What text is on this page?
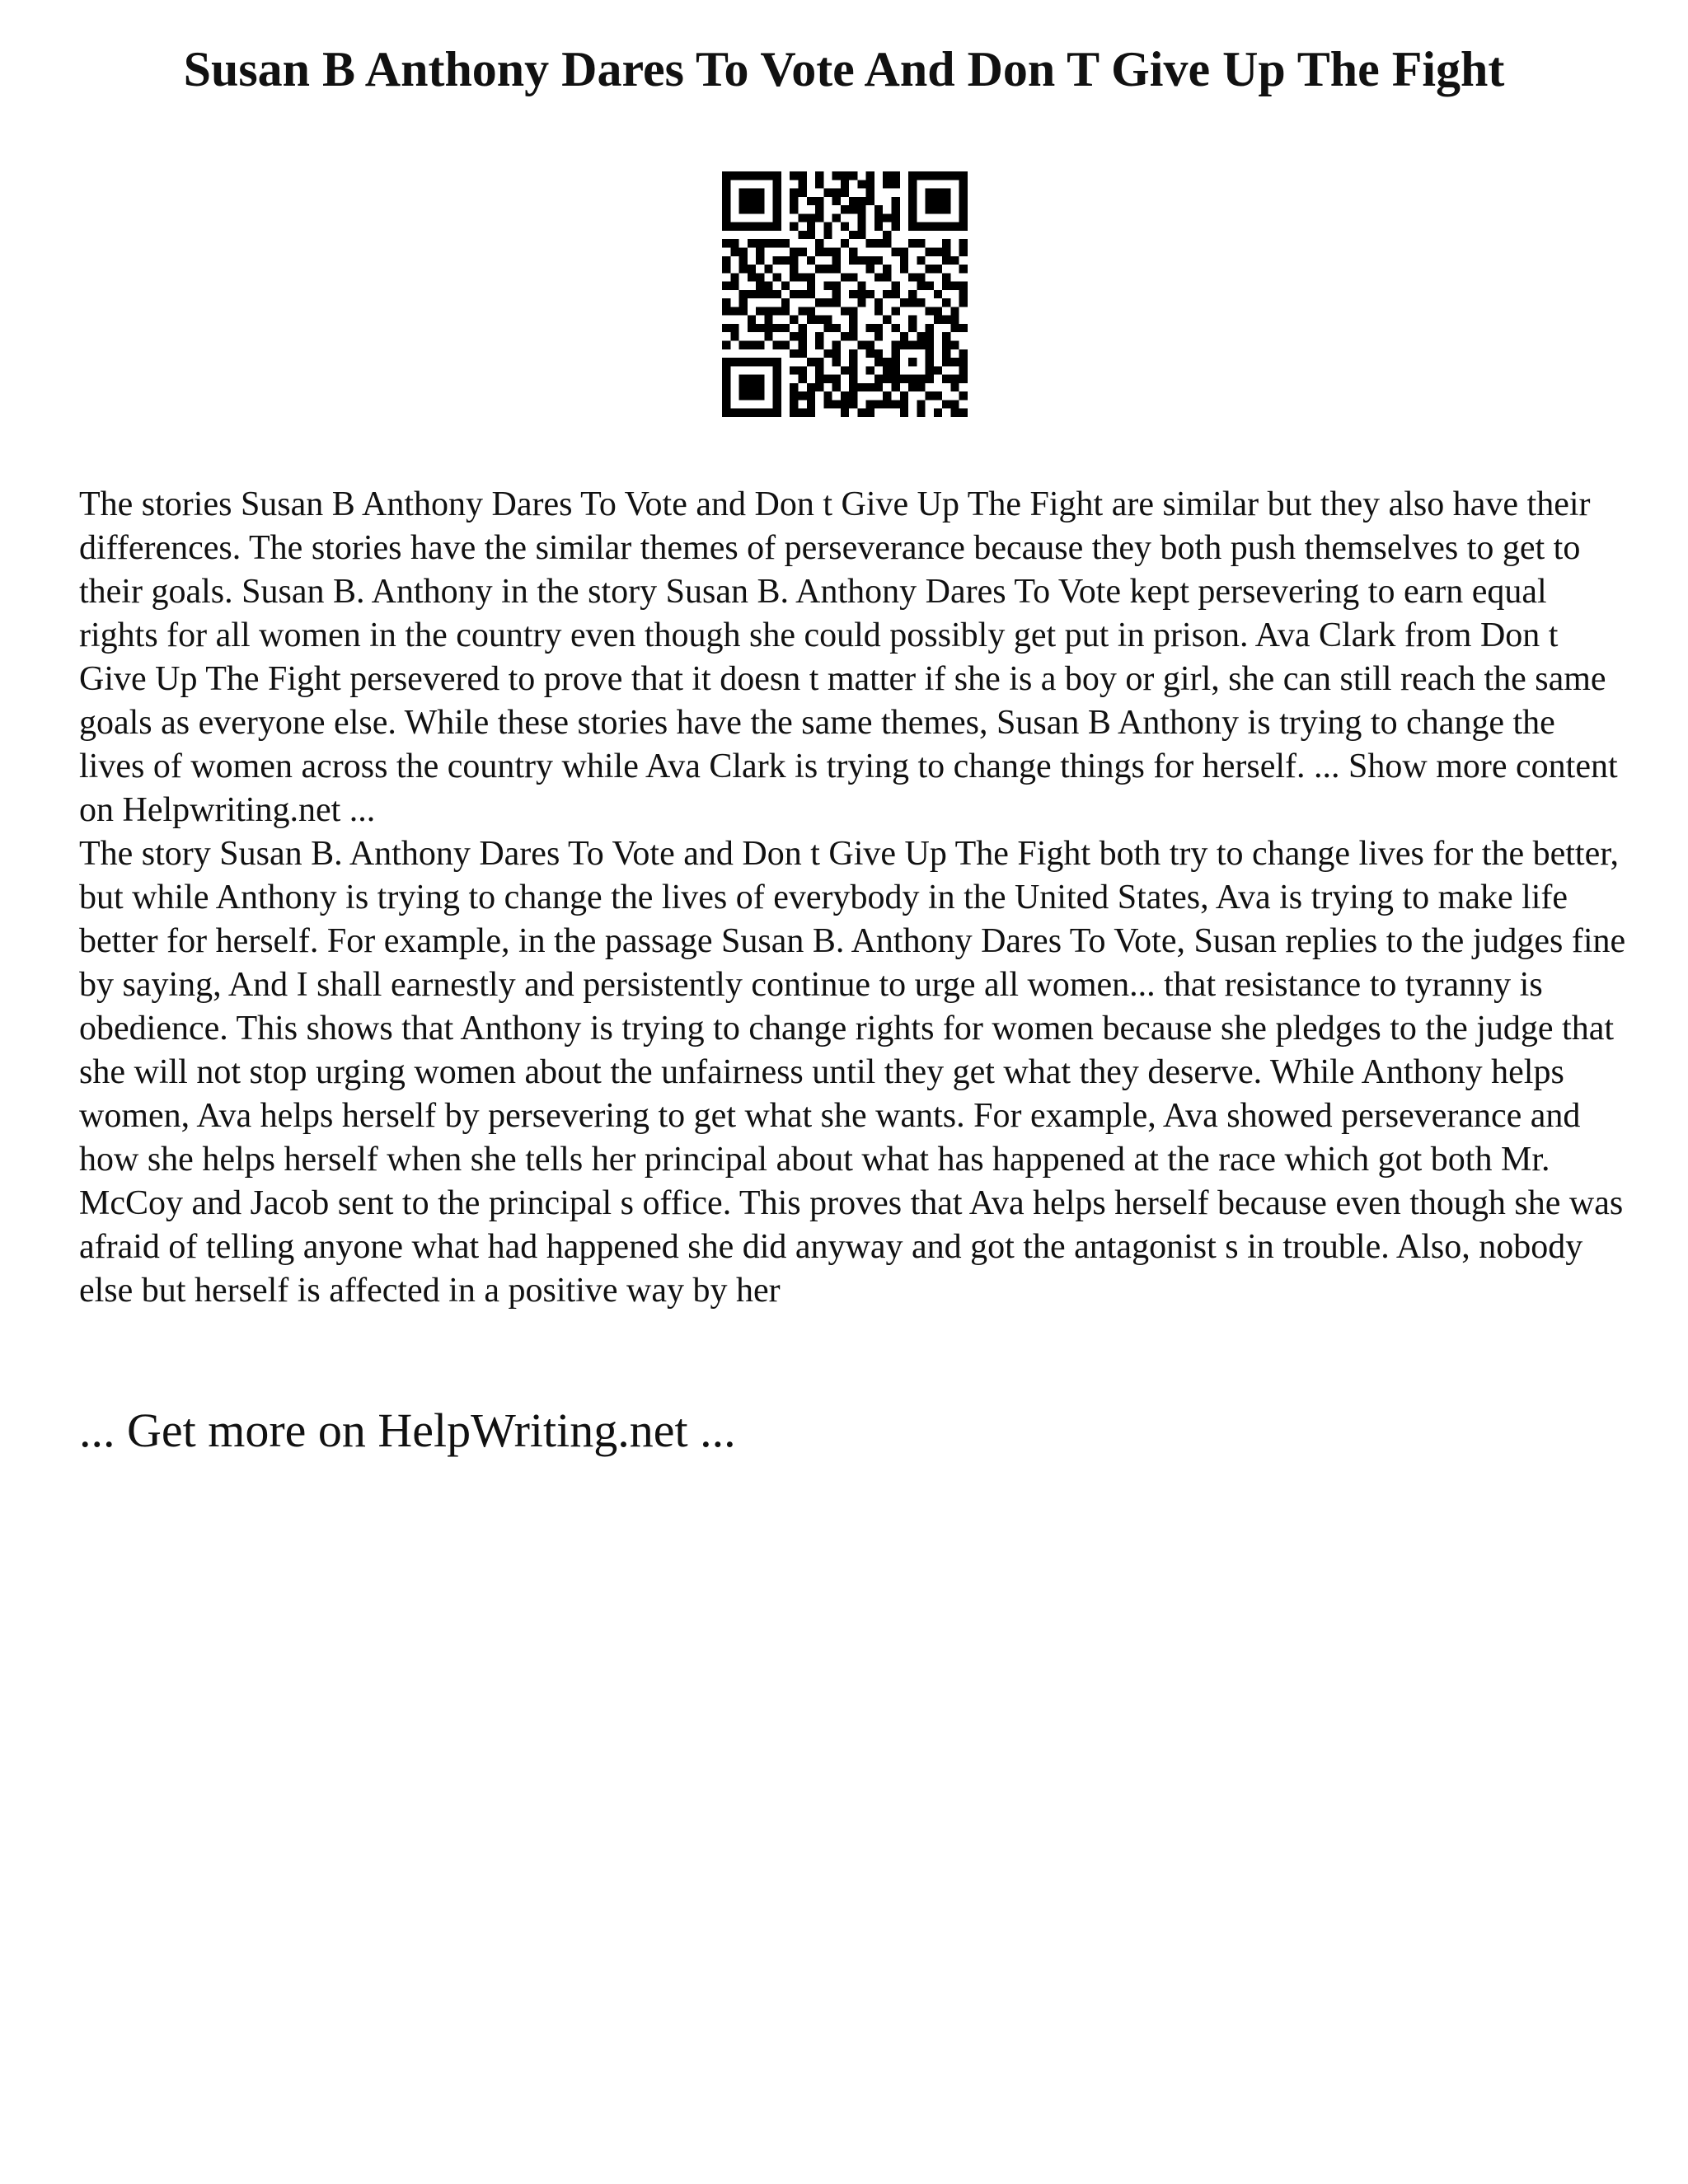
Susan B Anthony Dares To Vote And Don T Give Up The Fight

The stories Susan B Anthony Dares To Vote and Don t Give Up The Fight are similar but they also have their differences. The stories have the similar themes of perseverance because they both push themselves to get to their goals. Susan B. Anthony in the story Susan B. Anthony Dares To Vote kept persevering to earn equal rights for all women in the country even though she could possibly get put in prison. Ava Clark from Don t Give Up The Fight persevered to prove that it doesn t matter if she is a boy or girl, she can still reach the same goals as everyone else. While these stories have the same themes, Susan B Anthony is trying to change the lives of women across the country while Ava Clark is trying to change things for herself. ... Show more content on Helpwriting.net ...

The story Susan B. Anthony Dares To Vote and Don t Give Up The Fight both try to change lives for the better, but while Anthony is trying to change the lives of everybody in the United States, Ava is trying to make life better for herself. For example, in the passage Susan B. Anthony Dares To Vote, Susan replies to the judges fine by saying, And I shall earnestly and persistently continue to urge all women... that resistance to tyranny is obedience. This shows that Anthony is trying to change rights for women because she pledges to the judge that she will not stop urging women about the unfairness until they get what they deserve. While Anthony helps women, Ava helps herself by persevering to get what she wants. For example, Ava showed perseverance and how she helps herself when she tells her principal about what has happened at the race which got both Mr. McCoy and Jacob sent to the principal s office. This proves that Ava helps herself because even though she was afraid of telling anyone what had happened she did anyway and got the antagonist s in trouble. Also, nobody else but herself is affected in a positive way by her

... Get more on HelpWriting.net ...
